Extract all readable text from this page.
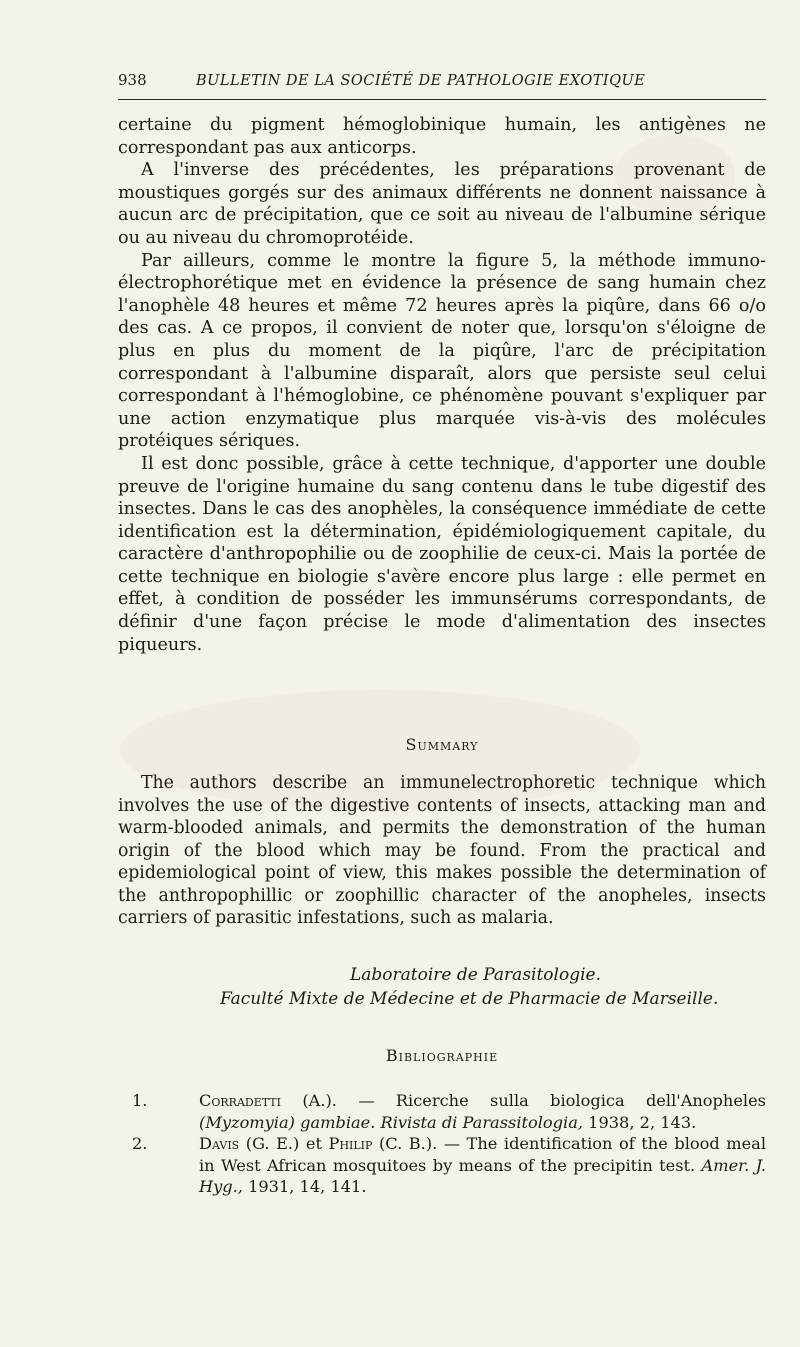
938	BULLETIN DE LA SOCIÉTÉ DE PATHOLOGIE EXOTIQUE

certaine du pigment hémoglobinique humain, les antigènes ne correspondant pas aux anticorps.

A l'inverse des précédentes, les préparations provenant de moustiques gorgés sur des animaux différents ne donnent naissance à aucun arc de précipitation, que ce soit au niveau de l'albumine sérique ou au niveau du chromoprotéide.

Par ailleurs, comme le montre la figure 5, la méthode immuno-électrophorétique met en évidence la présence de sang humain chez l'anophèle 48 heures et même 72 heures après la piqûre, dans 66 o/o des cas. A ce propos, il convient de noter que, lorsqu'on s'éloigne de plus en plus du moment de la piqûre, l'arc de précipitation correspondant à l'albumine disparaît, alors que persiste seul celui correspondant à l'hémoglobine, ce phénomène pouvant s'expliquer par une action enzymatique plus marquée vis-à-vis des molécules protéiques sériques.

Il est donc possible, grâce à cette technique, d'apporter une double preuve de l'origine humaine du sang contenu dans le tube digestif des insectes. Dans le cas des anophèles, la conséquence immédiate de cette identification est la détermination, épidémiologiquement capitale, du caractère d'anthropophilie ou de zoophilie de ceux-ci. Mais la portée de cette technique en biologie s'avère encore plus large : elle permet en effet, à condition de posséder les immunsérums correspondants, de définir d'une façon précise le mode d'alimentation des insectes piqueurs.

Summary

The authors describe an immunelectrophoretic technique which involves the use of the digestive contents of insects, attacking man and warm-blooded animals, and permits the demonstration of the human origin of the blood which may be found. From the practical and epidemiological point of view, this makes possible the determination of the anthropophillic or zoophillic character of the anopheles, insects carriers of parasitic infestations, such as malaria.

Laboratoire de Parasitologie.
Faculté Mixte de Médecine et de Pharmacie de Marseille.
Bibliographie
1.	Corradetti (A.). — Ricerche sulla biologica dell'Anopheles (Myzomyia) gambiae. Rivista di Parassitologia, 1938, 2, 143.
2.	Davis (G. E.) et Philip (C. B.). — The identification of the blood meal in West African mosquitoes by means of the precipitin test. Amer. J. Hyg., 1931, 14, 141.
